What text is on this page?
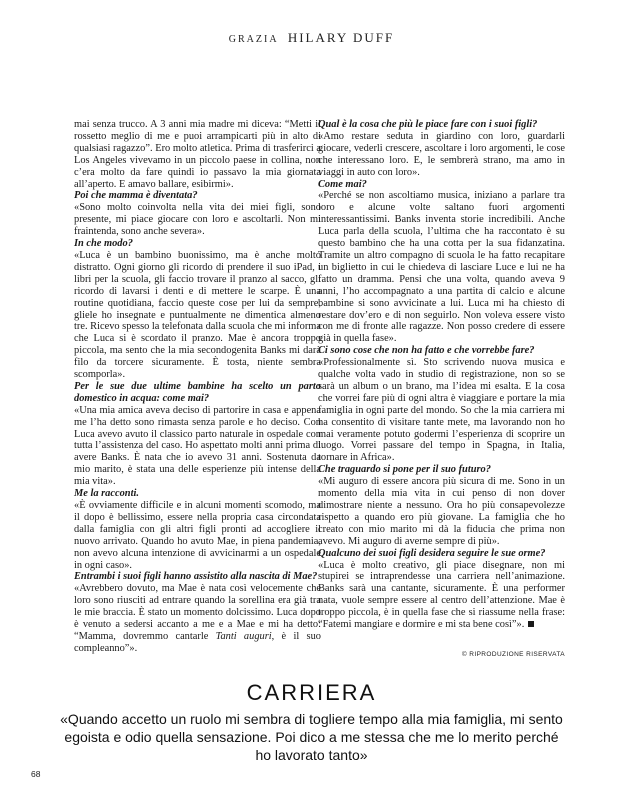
GRAZIA HILARY DUFF

mai senza trucco. A 3 anni mia madre mi diceva: “Metti il rossetto meglio di me e puoi arrampicarti più in alto di qualsiasi ragazzo”. Ero molto atletica. Prima di trasferirci a Los Angeles vivevamo in un piccolo paese in collina, non c’era molto da fare quindi io passavo la mia giornata all’aperto. E amavo ballare, esibirmi».

Poi che mamma è diventata?

«Sono molto coinvolta nella vita dei miei figli, sono presente, mi piace giocare con loro e ascoltarli. Non mi fraintenda, sono anche severa».

In che modo?

«Luca è un bambino buonissimo, ma è anche molto distratto. Ogni giorno gli ricordo di prendere il suo iPad, i libri per la scuola, gli faccio trovare il pranzo al sacco, gli ricordo di lavarsi i denti e di mettere le scarpe. È una routine quotidiana, faccio queste cose per lui da sempre, gliele ho insegnate e puntualmente ne dimentica almeno tre. Ricevo spesso la telefonata dalla scuola che mi informa che Luca si è scordato il pranzo. Mae è ancora troppo piccola, ma sento che la mia secondogenita Banks mi darà filo da torcere sicuramente. È tosta, niente sembra scomporla».

Per le sue due ultime bambine ha scelto un parto domestico in acqua: come mai?

«Una mia amica aveva deciso di partorire in casa e appena me l’ha detto sono rimasta senza parole e ho deciso. Con Luca avevo avuto il classico parto naturale in ospedale con tutta l’assistenza del caso. Ho aspettato molti anni prima di avere Banks. È nata che io avevo 31 anni. Sostenuta da mio marito, è stata una delle esperienze più intense della mia vita».

Me la racconti.

«È ovviamente difficile e in alcuni momenti scomodo, ma il dopo è bellissimo, essere nella propria casa circondata dalla famiglia con gli altri figli pronti ad accogliere il nuovo arrivato. Quando ho avuto Mae, in piena pandemia, non avevo alcuna intenzione di avvicinarmi a un ospedale in ogni caso».

Entrambi i suoi figli hanno assistito alla nascita di Mae?

«Avrebbero dovuto, ma Mae è nata così velocemente che loro sono riusciti ad entrare quando la sorellina era già tra le mie braccia. È stato un momento dolcissimo. Luca dopo è venuto a sedersi accanto a me e a Mae e mi ha detto: “Mamma, dovremmo cantarle Tanti auguri, è il suo compleanno”».

Qual è la cosa che più le piace fare con i suoi figli?

«Amo restare seduta in giardino con loro, guardarli giocare, vederli crescere, ascoltare i loro argomenti, le cose che interessano loro. E, le sembrerà strano, ma amo in viaggi in auto con loro».

Come mai?

«Perché se non ascoltiamo musica, iniziano a parlare tra loro e alcune volte saltano fuori argomenti interessantissimi. Banks inventa storie incredibili. Anche Luca parla della scuola, l’ultima che ha raccontato è su questo bambino che ha una cotta per la sua fidanzatina. Tramite un altro compagno di scuola le ha fatto recapitare un biglietto in cui le chiedeva di lasciare Luce e lui ne ha fatto un dramma. Pensi che una volta, quando aveva 9 anni, l’ho accompagnato a una partita di calcio e alcune bambine si sono avvicinate a lui. Luca mi ha chiesto di restare dov’ero e di non seguirlo. Non voleva essere visto con me di fronte alle ragazze. Non posso credere di essere già in quella fase».

Ci sono cose che non ha fatto e che vorrebbe fare?

«Professionalmente sì. Sto scrivendo nuova musica e qualche volta vado in studio di registrazione, non so se sarà un album o un brano, ma l’idea mi esalta. E la cosa che vorrei fare più di ogni altra è viaggiare e portare la mia famiglia in ogni parte del mondo. So che la mia carriera mi ha consentito di visitare tante mete, ma lavorando non ho mai veramente potuto godermi l’esperienza di scoprire un luogo. Vorrei passare del tempo in Spagna, in Italia, tornare in Africa».

Che traguardo si pone per il suo futuro?

«Mi auguro di essere ancora più sicura di me. Sono in un momento della mia vita in cui penso di non dover dimostrare niente a nessuno. Ora ho più consapevolezze rispetto a quando ero più giovane. La famiglia che ho creato con mio marito mi dà la fiducia che prima non avevo. Mi auguro di averne sempre di più».

Qualcuno dei suoi figli desidera seguire le sue orme?

«Luca è molto creativo, gli piace disegnare, non mi stupirei se intraprendesse una carriera nell’animazione. Banks sarà una cantante, sicuramente. È una performer nata, vuole sempre essere al centro dell’attenzione. Mae è troppo piccola, è in quella fase che si riassume nella frase: “Fatemi mangiare e dormire e mi sta bene così”».

© RIPRODUZIONE RISERVATA
CARRIERA
«Quando accetto un ruolo mi sembra di togliere tempo alla mia famiglia, mi sento egoista e odio quella sensazione. Poi dico a me stessa che me lo merito perché ho lavorato tanto»
68
